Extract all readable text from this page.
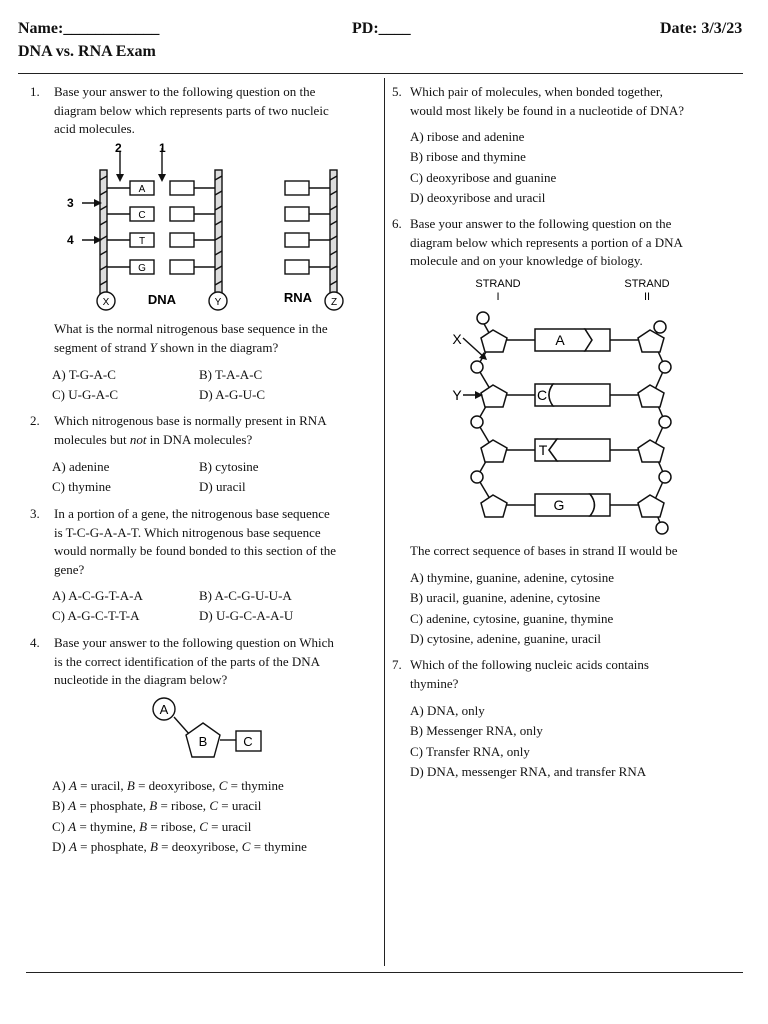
Name:____________	PD:____	Date: 3/3/23
DNA vs. RNA Exam
1. Base your answer to the following question on the
diagram below which represents parts of two nucleic
acid molecules.
2	1
3
4
A
C
T
G
X	Y	Z
DNA	RNA
What is the normal nitrogenous base sequence in the
segment of strand Y shown in the diagram?
A) T-G-A-C	B) T-A-A-C
C) U-G-A-C	D) A-G-U-C
2. Which nitrogenous base is normally present in RNA
molecules but not in DNA molecules?
A) adenine	B) cytosine
C) thymine	D) uracil
3. In a portion of a gene, the nitrogenous base sequence
is T-C-G-A-A-T. Which nitrogenous base sequence
would normally be found bonded to this section of the
gene?
A) A-C-G-T-A-A	B) A-C-G-U-U-A
C) A-G-C-T-T-A	D) U-G-C-A-A-U
4. Base your answer to the following question on Which
is the correct identification of the parts of the DNA
nucleotide in the diagram below?
A
B	C
A) A = uracil, B = deoxyribose, C = thymine
B) A = phosphate, B = ribose, C = uracil
C) A = thymine, B = ribose, C = uracil
D) A = phosphate, B = deoxyribose, C = thymine
5. Which pair of molecules, when bonded together,
would most likely be found in a nucleotide of DNA?
A) ribose and adenine
B) ribose and thymine
C) deoxyribose and guanine
D) deoxyribose and uracil
6. Base your answer to the following question on the
diagram below which represents a portion of a DNA
molecule and on your knowledge of biology.
STRAND
I
STRAND
II
X
Y
A
C
T
G
The correct sequence of bases in strand II would be
A) thymine, guanine, adenine, cytosine
B) uracil, guanine, adenine, cytosine
C) adenine, cytosine, guanine, thymine
D) cytosine, adenine, guanine, uracil
7. Which of the following nucleic acids contains
thymine?
A) DNA, only
B) Messenger RNA, only
C) Transfer RNA, only
D) DNA, messenger RNA, and transfer RNA
